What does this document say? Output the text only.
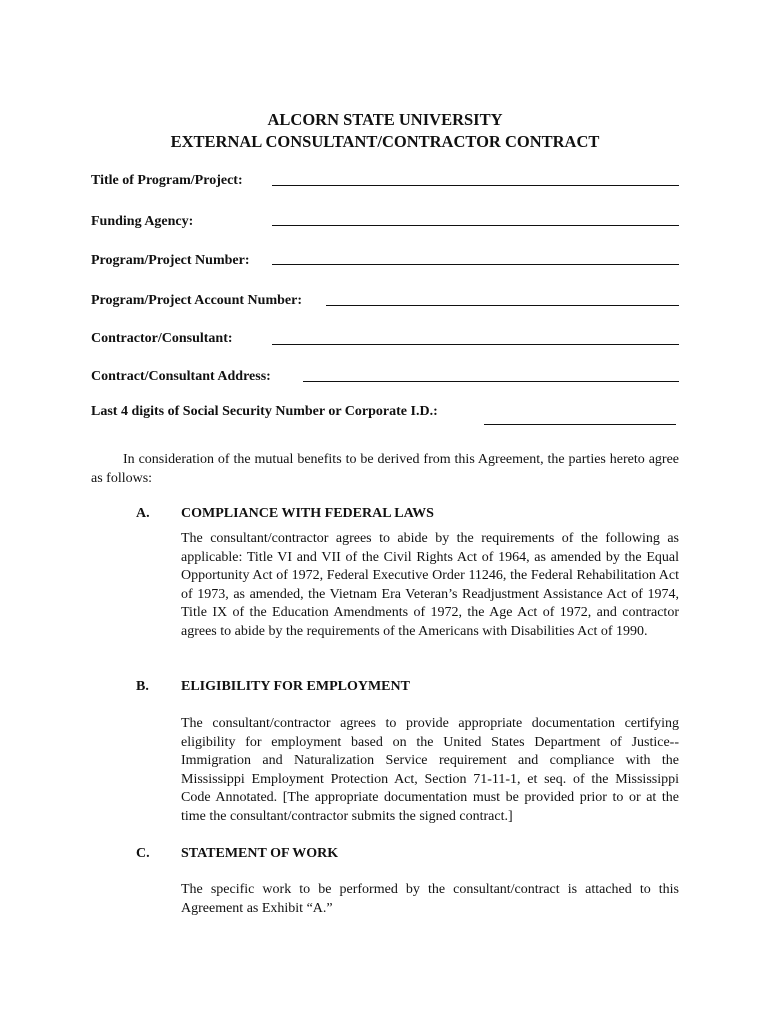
ALCORN STATE UNIVERSITY
EXTERNAL CONSULTANT/CONTRACTOR CONTRACT
Title of Program/Project:
Funding Agency:
Program/Project Number:
Program/Project Account Number:
Contractor/Consultant:
Contract/Consultant Address:
Last 4 digits of Social Security Number or Corporate I.D.:
In consideration of the mutual benefits to be derived from this Agreement, the parties hereto agree as follows:
A. COMPLIANCE WITH FEDERAL LAWS
The consultant/contractor agrees to abide by the requirements of the following as applicable: Title VI and VII of the Civil Rights Act of 1964, as amended by the Equal Opportunity Act of 1972, Federal Executive Order 11246, the Federal Rehabilitation Act of 1973, as amended, the Vietnam Era Veteran’s Readjustment Assistance Act of 1974, Title IX of the Education Amendments of 1972, the Age Act of 1972, and contractor agrees to abide by the requirements of the Americans with Disabilities Act of 1990.
B. ELIGIBILITY FOR EMPLOYMENT
The consultant/contractor agrees to provide appropriate documentation certifying eligibility for employment based on the United States Department of Justice--Immigration and Naturalization Service requirement and compliance with the Mississippi Employment Protection Act, Section 71-11-1, et seq. of the Mississippi Code Annotated. [The appropriate documentation must be provided prior to or at the time the consultant/contractor submits the signed contract.]
C. STATEMENT OF WORK
The specific work to be performed by the consultant/contract is attached to this Agreement as Exhibit “A.”
